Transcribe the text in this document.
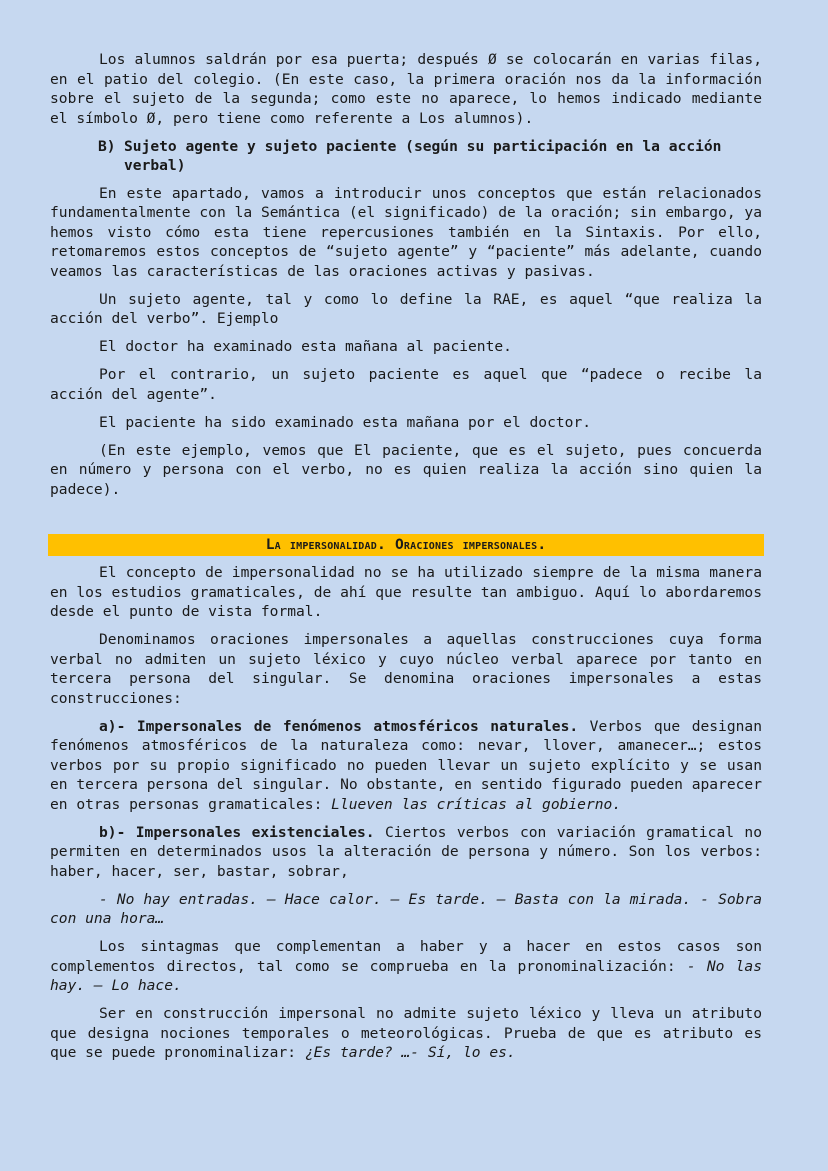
Los alumnos saldrán por esa puerta; después Ø se colocarán en varias filas, en el patio del colegio. (En este caso, la primera oración nos da la información sobre el sujeto de la segunda; como este no aparece, lo hemos indicado mediante el símbolo Ø, pero tiene como referente a Los alumnos).

B) Sujeto agente y sujeto paciente (según su participación en la acción verbal)

En este apartado, vamos a introducir unos conceptos que están relacionados fundamentalmente con la Semántica (el significado) de la oración; sin embargo, ya hemos visto cómo esta tiene repercusiones también en la Sintaxis. Por ello, retomaremos estos conceptos de “sujeto agente” y “paciente” más adelante, cuando veamos las características de las oraciones activas y pasivas.

Un sujeto agente, tal y como lo define la RAE, es aquel “que realiza la acción del verbo”. Ejemplo

El doctor ha examinado esta mañana al paciente.

Por el contrario, un sujeto paciente es aquel que “padece o recibe la acción del agente”.

El paciente ha sido examinado esta mañana por el doctor.

(En este ejemplo, vemos que El paciente, que es el sujeto, pues concuerda en número y persona con el verbo, no es quien realiza la acción sino quien la padece).

La impersonalidad. Oraciones impersonales.

El concepto de impersonalidad no se ha utilizado siempre de la misma manera en los estudios gramaticales, de ahí que resulte tan ambiguo. Aquí lo abordaremos desde el punto de vista formal.

Denominamos oraciones impersonales a aquellas construcciones cuya forma verbal no admiten un sujeto léxico y cuyo núcleo verbal aparece por tanto en tercera persona del singular. Se denomina oraciones impersonales a estas construcciones:

a)- Impersonales de fenómenos atmosféricos naturales. Verbos que designan fenómenos atmosféricos de la naturaleza como: nevar, llover, amanecer…; estos verbos por su propio significado no pueden llevar un sujeto explícito y se usan en tercera persona del singular. No obstante, en sentido figurado pueden aparecer en otras personas gramaticales: Llueven las críticas al gobierno.

b)- Impersonales existenciales. Ciertos verbos con variación gramatical no permiten en determinados usos la alteración de persona y número. Son los verbos: haber, hacer, ser, bastar, sobrar,

- No hay entradas. – Hace calor. – Es tarde. – Basta con la mirada. - Sobra con una hora…

Los sintagmas que complementan a haber y a hacer en estos casos son complementos directos, tal como se comprueba en la pronominalización: - No las hay. – Lo hace.

Ser en construcción impersonal no admite sujeto léxico y lleva un atributo que designa nociones temporales o meteorológicas. Prueba de que es atributo es que se puede pronominalizar: ¿Es tarde? …- Sí, lo es.
